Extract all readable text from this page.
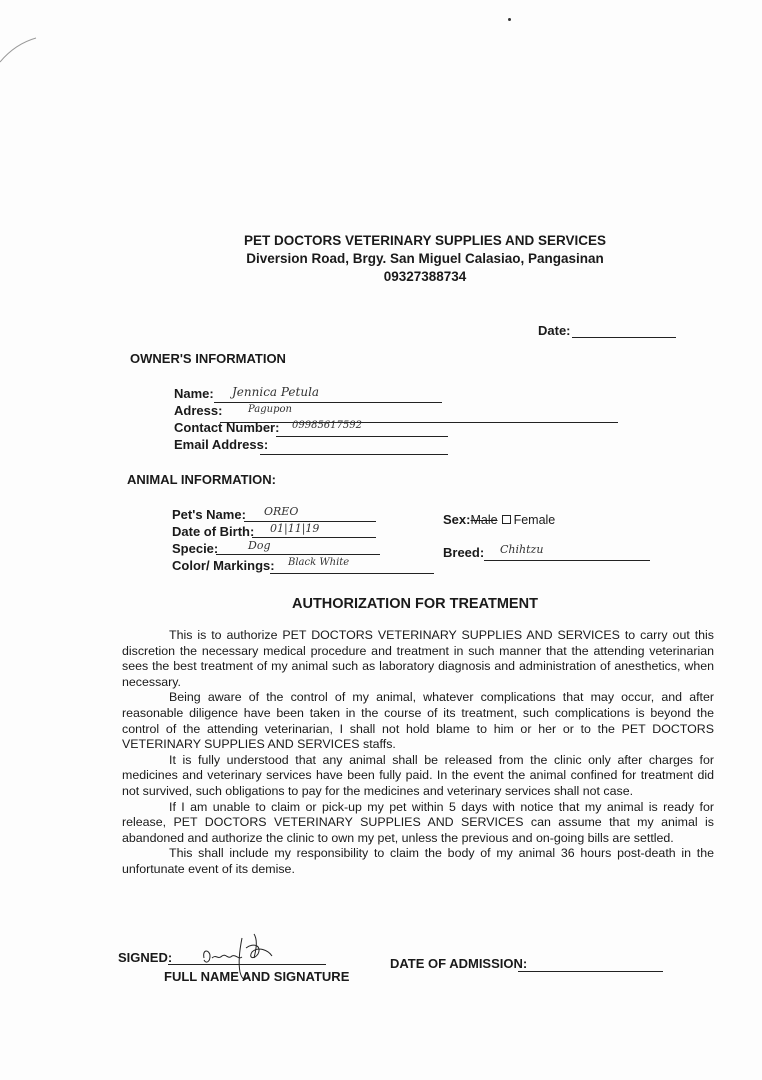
PET DOCTORS VETERINARY SUPPLIES AND SERVICES
Diversion Road, Brgy. San Miguel Calasiao, Pangasinan
09327388734
Date:
OWNER'S INFORMATION
Name: Jennica Petula
Adress:	Pagupon
Contact Number: 09985617592
Email Address:
ANIMAL INFORMATION:
Pet's Name: OREO
Date of Birth: 01|11|19
Specie:	Dog
Color/ Markings: Black White
Sex:Male Female
Breed: Chihtzu
AUTHORIZATION FOR TREATMENT

This is to authorize PET DOCTORS VETERINARY SUPPLIES AND SERVICES to carry out this discretion the necessary medical procedure and treatment in such manner that the attending veterinarian sees the best treatment of my animal such as laboratory diagnosis and administration of anesthetics, when necessary.

Being aware of the control of my animal, whatever complications that may occur, and after reasonable diligence have been taken in the course of its treatment, such complications is beyond the control of the attending veterinarian, I shall not hold blame to him or her or to the PET DOCTORS VETERINARY SUPPLIES AND SERVICES staffs.

It is fully understood that any animal shall be released from the clinic only after charges for medicines and veterinary services have been fully paid. In the event the animal confined for treatment did not survived, such obligations to pay for the medicines and veterinary services shall not case.

If I am unable to claim or pick-up my pet within 5 days with notice that my animal is ready for release, PET DOCTORS VETERINARY SUPPLIES AND SERVICES can assume that my animal is abandoned and authorize the clinic to own my pet, unless the previous and on-going bills are settled.

This shall include my responsibility to claim the body of my animal 36 hours post-death in the unfortunate event of its demise.

SIGNED:
FULL NAME AND SIGNATURE
DATE OF ADMISSION:
